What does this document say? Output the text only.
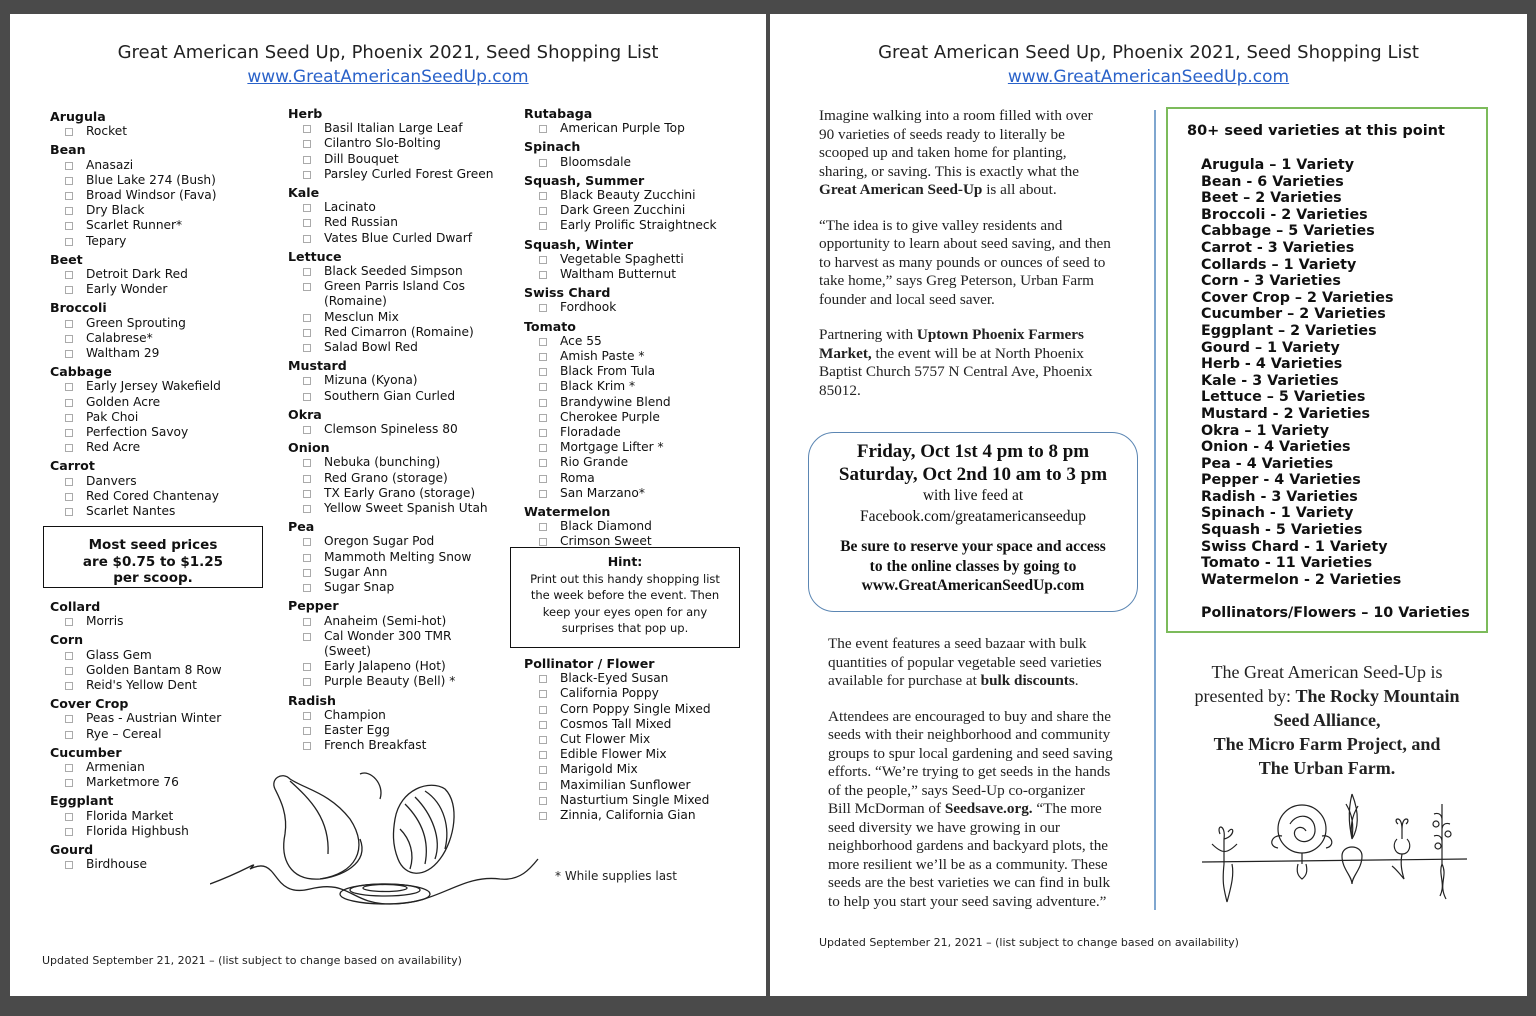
Great American Seed Up, Phoenix 2021, Seed Shopping List
www.GreatAmericanSeedUp.com
Arugula
Rocket
Bean
Anasazi
Blue Lake 274 (Bush)
Broad Windsor (Fava)
Dry Black
Scarlet Runner*
Tepary
Beet
Detroit Dark Red
Early Wonder
Broccoli
Green Sprouting
Calabrese*
Waltham 29
Cabbage
Early Jersey Wakefield
Golden Acre
Pak Choi
Perfection Savoy
Red Acre
Carrot
Danvers
Red Cored Chantenay
Scarlet Nantes
Collard
Morris
Corn
Glass Gem
Golden Bantam 8 Row
Reid's Yellow Dent
Cover Crop
Peas - Austrian Winter
Rye – Cereal
Cucumber
Armenian
Marketmore 76
Eggplant
Florida Market
Florida Highbush
Gourd
Birdhouse
Herb
Basil Italian Large Leaf
Cilantro Slo-Bolting
Dill Bouquet
Parsley Curled Forest Green
Kale
Lacinato
Red Russian
Vates Blue Curled Dwarf
Lettuce
Black Seeded Simpson
Green Parris Island Cos
(Romaine)
Mesclun Mix
Red Cimarron (Romaine)
Salad Bowl Red
Mustard
Mizuna (Kyona)
Southern Gian Curled
Okra
Clemson Spineless 80
Onion
Nebuka (bunching)
Red Grano (storage)
TX Early Grano (storage)
Yellow Sweet Spanish Utah
Pea
Oregon Sugar Pod
Mammoth Melting Snow
Sugar Ann
Sugar Snap
Pepper
Anaheim (Semi-hot)
Cal Wonder 300 TMR
(Sweet)
Early Jalapeno (Hot)
Purple Beauty (Bell) *
Radish
Champion
Easter Egg
French Breakfast
Rutabaga
American Purple Top
Spinach
Bloomsdale
Squash, Summer
Black Beauty Zucchini
Dark Green Zucchini
Early Prolific Straightneck
Squash, Winter
Vegetable Spaghetti
Waltham Butternut
Swiss Chard
Fordhook
Tomato
Ace 55
Amish Paste *
Black From Tula
Black Krim *
Brandywine Blend
Cherokee Purple
Floradade
Mortgage Lifter *
Rio Grande
Roma
San Marzano*
Watermelon
Black Diamond
Crimson Sweet
Pollinator / Flower
Black-Eyed Susan
California Poppy
Corn Poppy Single Mixed
Cosmos Tall Mixed
Cut Flower Mix
Edible Flower Mix
Marigold Mix
Maximilian Sunflower
Nasturtium Single Mixed
Zinnia, California Gian
Most seed prices
are $0.75 to $1.25
per scoop.
Hint:
Print out this handy shopping list
the week before the event. Then
keep your eyes open for any
surprises that pop up.
* While supplies last
Updated September 21, 2021 – (list subject to change based on availability)
Great American Seed Up, Phoenix 2021, Seed Shopping List
www.GreatAmericanSeedUp.com

Imagine walking into a room filled with over
90 varieties of seeds ready to literally be
scooped up and taken home for planting,
sharing, or saving. This is exactly what the
Great American Seed-Up is all about.

“The idea is to give valley residents and
opportunity to learn about seed saving, and then
to harvest as many pounds or ounces of seed to
take home,” says Greg Peterson, Urban Farm
founder and local seed saver.

Partnering with Uptown Phoenix Farmers
Market, the event will be at North Phoenix
Baptist Church 5757 N Central Ave, Phoenix
85012.

Friday, Oct 1st 4 pm to 8 pm
Saturday, Oct 2nd 10 am to 3 pm
with live feed at
Facebook.com/greatamericanseedup
Be sure to reserve your space and access
to the online classes by going to
www.GreatAmericanSeedUp.com

The event features a seed bazaar with bulk
quantities of popular vegetable seed varieties
available for purchase at bulk discounts.

Attendees are encouraged to buy and share the
seeds with their neighborhood and community
groups to spur local gardening and seed saving
efforts. “We’re trying to get seeds in the hands
of the people,” says Seed-Up co-organizer
Bill McDorman of Seedsave.org. “The more
seed diversity we have growing in our
neighborhood gardens and backyard plots, the
more resilient we’ll be as a community. These
seeds are the best varieties we can find in bulk
to help you start your seed saving adventure.”

80+ seed varieties at this point
Arugula – 1 Variety
Bean - 6 Varieties
Beet – 2 Varieties
Broccoli - 2 Varieties
Cabbage – 5 Varieties
Carrot - 3 Varieties
Collards – 1 Variety
Corn - 3 Varieties
Cover Crop – 2 Varieties
Cucumber – 2 Varieties
Eggplant – 2 Varieties
Gourd – 1 Variety
Herb - 4 Varieties
Kale - 3 Varieties
Lettuce – 5 Varieties
Mustard - 2 Varieties
Okra – 1 Variety
Onion - 4 Varieties
Pea - 4 Varieties
Pepper - 4 Varieties
Radish - 3 Varieties
Spinach - 1 Variety
Squash - 5 Varieties
Swiss Chard - 1 Variety
Tomato - 11 Varieties
Watermelon - 2 Varieties
Pollinators/Flowers – 10 Varieties
The Great American Seed-Up is
presented by: The Rocky Mountain
Seed Alliance,
The Micro Farm Project, and
The Urban Farm.
Updated September 21, 2021 – (list subject to change based on availability)
